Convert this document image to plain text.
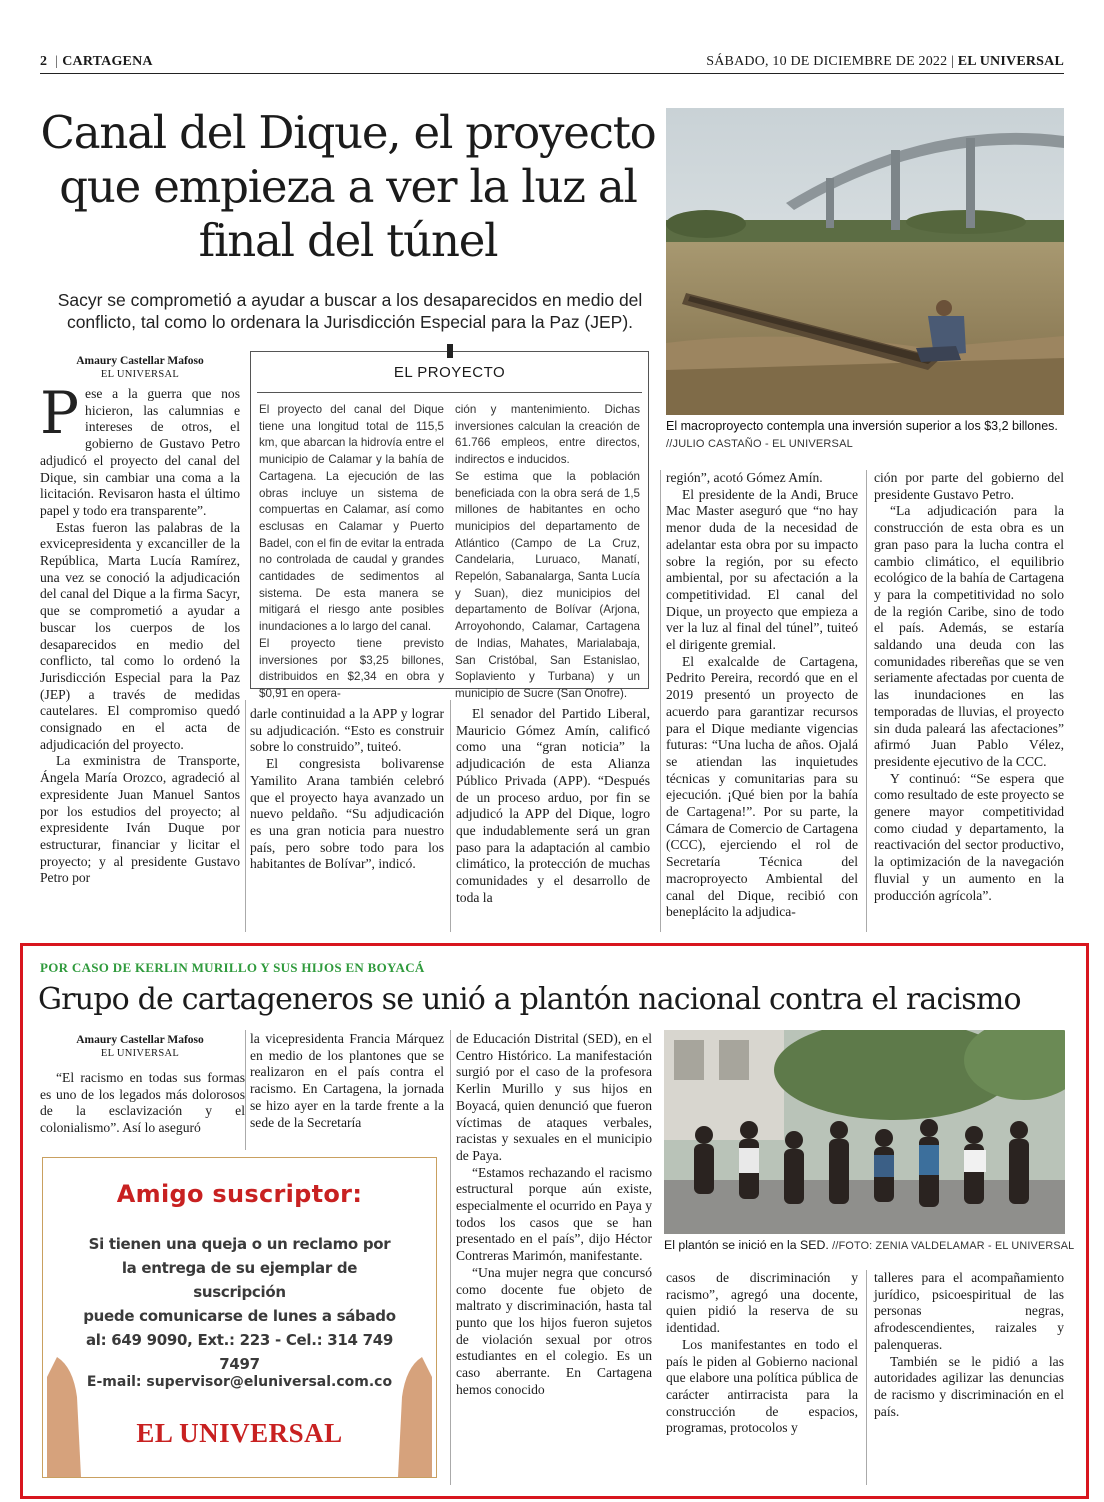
2 | CARTAGENA	SÁBADO, 10 DE DICIEMBRE DE 2022 | EL UNIVERSAL
Canal del Dique, el proyecto que empieza a ver la luz al final del túnel
Sacyr se comprometió a ayudar a buscar a los desaparecidos en medio del conflicto, tal como lo ordenara la Jurisdicción Especial para la Paz (JEP).
El macroproyecto contempla una inversión superior a los $3,2 billones. //JULIO CASTAÑO - EL UNIVERSAL
Amaury Castellar Mafoso
EL UNIVERSAL

Pese a la guerra que nos hicieron, las calumnias e intereses de otros, el gobierno de Gustavo Petro adjudicó el proyecto del canal del Dique, sin cambiar una coma a la licitación. Revisaron hasta el último papel y todo era transparente”.

Estas fueron las palabras de la exvicepresidenta y excanciller de la República, Marta Lucía Ramírez, una vez se conoció la adjudicación del canal del Dique a la firma Sacyr, que se comprometió a ayudar a buscar los cuerpos de los desaparecidos en medio del conflicto, tal como lo ordenó la Jurisdicción Especial para la Paz (JEP) a través de medidas cautelares. El compromiso quedó consignado en el acta de adjudicación del proyecto.

La exministra de Transporte, Ángela María Orozco, agradeció al expresidente Juan Manuel Santos por los estudios del proyecto; al expresidente Iván Duque por estructurar, financiar y licitar el proyecto; y al presidente Gustavo Petro por

EL PROYECTO

El proyecto del canal del Dique tiene una longitud total de 115,5 km, que abarcan la hidrovía entre el municipio de Calamar y la bahía de Cartagena. La ejecución de las obras incluye un sistema de compuertas en Calamar, así como esclusas en Calamar y Puerto Badel, con el fin de evitar la entrada no controlada de caudal y grandes cantidades de sedimentos al sistema. De esta manera se mitigará el riesgo ante posibles inundaciones a lo largo del canal.

El proyecto tiene previsto inversiones por $3,25 billones, distribuidos en $2,34 en obra y $0,91 en opera-

ción y mantenimiento. Dichas inversiones calculan la creación de 61.766 empleos, entre directos, indirectos e inducidos.

Se estima que la población beneficiada con la obra será de 1,5 millones de habitantes en ocho municipios del departamento de Atlántico (Campo de La Cruz, Candelaria, Luruaco, Manatí, Repelón, Sabanalarga, Santa Lucía y Suan), diez municipios del departamento de Bolívar (Arjona, Arroyohondo, Calamar, Cartagena de Indias, Mahates, Marialabaja, San Cristóbal, San Estanislao, Soplaviento y Turbana) y un municipio de Sucre (San Onofre).

darle continuidad a la APP y lograr su adjudicación. “Esto es construir sobre lo construido”, tuiteó.

El congresista bolivarense Yamilito Arana también celebró que el proyecto haya avanzado un nuevo peldaño. “Su adjudicación es una gran noticia para nuestro país, pero sobre todo para los habitantes de Bolívar”, indicó.

El senador del Partido Liberal, Mauricio Gómez Amín, calificó como una “gran noticia” la adjudicación de esta Alianza Público Privada (APP). “Después de un proceso arduo, por fin se adjudicó la APP del Dique, logro que indudablemente será un gran paso para la adaptación al cambio climático, la protección de muchas comunidades y el desarrollo de toda la

región”, acotó Gómez Amín.

El presidente de la Andi, Bruce Mac Master aseguró que “no hay menor duda de la necesidad de adelantar esta obra por su impacto sobre la región, por su efecto ambiental, por su afectación a la competitividad. El canal del Dique, un proyecto que empieza a ver la luz al final del túnel”, tuiteó el dirigente gremial.

El exalcalde de Cartagena, Pedrito Pereira, recordó que en el 2019 presentó un proyecto de acuerdo para garantizar recursos para el Dique mediante vigencias futuras: “Una lucha de años. Ojalá se atiendan las inquietudes técnicas y comunitarias para su ejecución. ¡Qué bien por la bahía de Cartagena!”. Por su parte, la Cámara de Comercio de Cartagena (CCC), ejerciendo el rol de Secretaría Técnica del macroproyecto Ambiental del canal del Dique, recibió con beneplácito la adjudica-

ción por parte del gobierno del presidente Gustavo Petro.

“La adjudicación para la construcción de esta obra es un gran paso para la lucha contra el cambio climático, el equilibrio ecológico de la bahía de Cartagena y para la competitividad no solo de la región Caribe, sino de todo el país. Además, se estaría saldando una deuda con las comunidades ribereñas que se ven seriamente afectadas por cuenta de las inundaciones en las temporadas de lluvias, el proyecto sin duda paleará las afectaciones” afirmó Juan Pablo Vélez, presidente ejecutivo de la CCC.

Y continuó: “Se espera que como resultado de este proyecto se genere mayor competitividad como ciudad y departamento, la reactivación del sector productivo, la optimización de la navegación fluvial y un aumento en la producción agrícola”.

POR CASO DE KERLIN MURILLO Y SUS HIJOS EN BOYACÁ
Grupo de cartageneros se unió a plantón nacional contra el racismo
Amaury Castellar Mafoso
EL UNIVERSAL

“El racismo en todas sus formas es uno de los legados más dolorosos de la esclavización y el colonialismo”. Así lo aseguró

la vicepresidenta Francia Márquez en medio de los plantones que se realizaron en el país contra el racismo. En Cartagena, la jornada se hizo ayer en la tarde frente a la sede de la Secretaría

de Educación Distrital (SED), en el Centro Histórico. La manifestación surgió por el caso de la profesora Kerlin Murillo y sus hijos en Boyacá, quien denunció que fueron víctimas de ataques verbales, racistas y sexuales en el municipio de Paya.

“Estamos rechazando el racismo estructural porque aún existe, especialmente el ocurrido en Paya y todos los casos que se han presentado en el país”, dijo Héctor Contreras Marimón, manifestante.

“Una mujer negra que concursó como docente fue objeto de maltrato y discriminación, hasta tal punto que los hijos fueron sujetos de violación sexual por otros estudiantes en el colegio. Es un caso aberrante. En Cartagena hemos conocido

casos de discriminación y racismo”, agregó una docente, quien pidió la reserva de su identidad.

Los manifestantes en todo el país le piden al Gobierno nacional que elabore una política pública de carácter antirracista para la construcción de espacios, programas, protocolos y

talleres para el acompañamiento jurídico, psicoespiritual de las personas negras, afrodescendientes, raizales y palenqueras.

También se le pidió a las autoridades agilizar las denuncias de racismo y discriminación en el país.

El plantón se inició en la SED. //FOTO: ZENIA VALDELAMAR - EL UNIVERSAL
Amigo suscriptor:
Si tienen una queja o un reclamo por
la entrega de su ejemplar de suscripción
puede comunicarse de lunes a sábado
al: 649 9090, Ext.: 223 - Cel.: 314 749 7497
E-mail: supervisor@eluniversal.com.co
EL UNIVERSAL
